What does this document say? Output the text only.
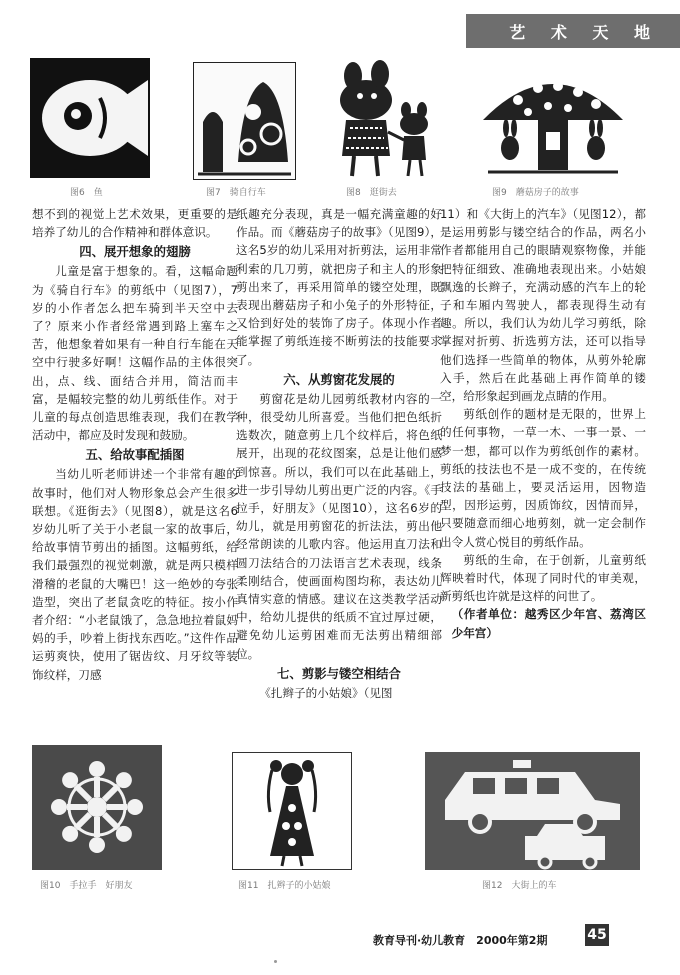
艺 术 天 地
图6　鱼	图7　骑自行车	图8　逛街去	图9　蘑菇房子的故事

想不到的视觉上艺术效果，更重要的是培养了幼儿的合作精神和群体意识。

四、展开想象的翅膀

儿童是富于想象的。看，这幅命题为《骑自行车》的剪纸中（见图7），7岁的小作者怎么把车骑到半天空中去了？原来小作者经常遇到路上塞车之苦，他想象着如果有一种自行车能在天空中行驶多好啊！这幅作品的主体很突出，点、线、面结合并用，简洁而丰富，是幅较完整的幼儿剪纸佳作。对于儿童的每点创造思维表现，我们在教学活动中，都应及时发现和鼓励。

五、给故事配插图

当幼儿听老师讲述一个非常有趣的故事时，他们对人物形象总会产生很多联想。《逛街去》（见图8），就是这名6岁幼儿听了关于小老鼠一家的故事后，给故事情节剪出的插图。这幅剪纸，给我们最强烈的视觉刺激，就是两只模样滑稽的老鼠的大嘴巴！这一绝妙的夸张造型，突出了老鼠贪吃的特征。按小作者介绍：“小老鼠饿了，急急地拉着鼠妈妈的手，吵着上街找东西吃。”这件作品运剪爽快，使用了锯齿纹、月牙纹等装饰纹样，刀感

纸趣充分表现，真是一幅充满童趣的好作品。而《蘑菇房子的故事》（见图9），这名5岁的幼儿采用对折剪法，运用非常利索的几刀剪，就把房子和主人的形象剪出来了，再采用简单的镂空处理，既表现出蘑菇房子和小兔子的外形特征，又恰到好处的装饰了房子。体现小作者能掌握了剪纸连接不断剪法的技能要求了。

六、从剪窗花发展的

剪窗花是幼儿园剪纸教材内容的一种，很受幼儿所喜爱。当他们把色纸折选数次，随意剪上几个纹样后，将色纸展开，出现的花纹图案，总是让他们感到惊喜。所以，我们可以在此基础上，进一步引导幼儿剪出更广泛的内容。《手拉手，好朋友》（见图10），这名6岁的幼儿，就是用剪窗花的折法法，剪出他经常朗读的儿歌内容。他运用直刀法和圆刀法结合的刀法语言艺术表现，线条柔刚结合，使画面构图均称，表达幼儿真情实意的情感。建议在这类教学活动中，给幼儿提供的纸质不宜过厚过硬，避免幼儿运剪困难而无法剪出精细部位。

七、剪影与镂空相结合

《扎辫子的小姑娘》（见图

11）和《大街上的汽车》（见图12），都是运用剪影与镂空结合的作品，两名小作者都能用自己的眼睛观察物像，并能把特征细致、准确地表现出来。小姑娘飘逸的长辫子，充满动感的汽车上的轮子和车厢内驾驶人，都表现得生动有趣。所以，我们认为幼儿学习剪纸，除掌握对折剪、折选剪方法，还可以指导他们选择一些简单的物体，从剪外轮廓入手，然后在此基础上再作简单的镂空，给形象起到画龙点睛的作用。

剪纸创作的题材是无限的，世界上的任何事物，一草一木、一事一景、一梦一想，都可以作为剪纸创作的素材。剪纸的技法也不是一成不变的，在传统技法的基础上，要灵活运用，因物造型，因形运剪，因质饰纹，因情而异，只要随意而细心地剪刻，就一定会制作出令人赏心悦目的剪纸作品。

剪纸的生命，在于创新，儿童剪纸辉映着时代，体现了同时代的审美观，新剪纸也许就是这样的问世了。

（作者单位：越秀区少年宫、荔湾区少年宫）

图10　手拉手　好朋友	图11　扎辫子的小姑娘	图12　大街上的车
教育导刊·幼儿教育　2000年第2期	45
